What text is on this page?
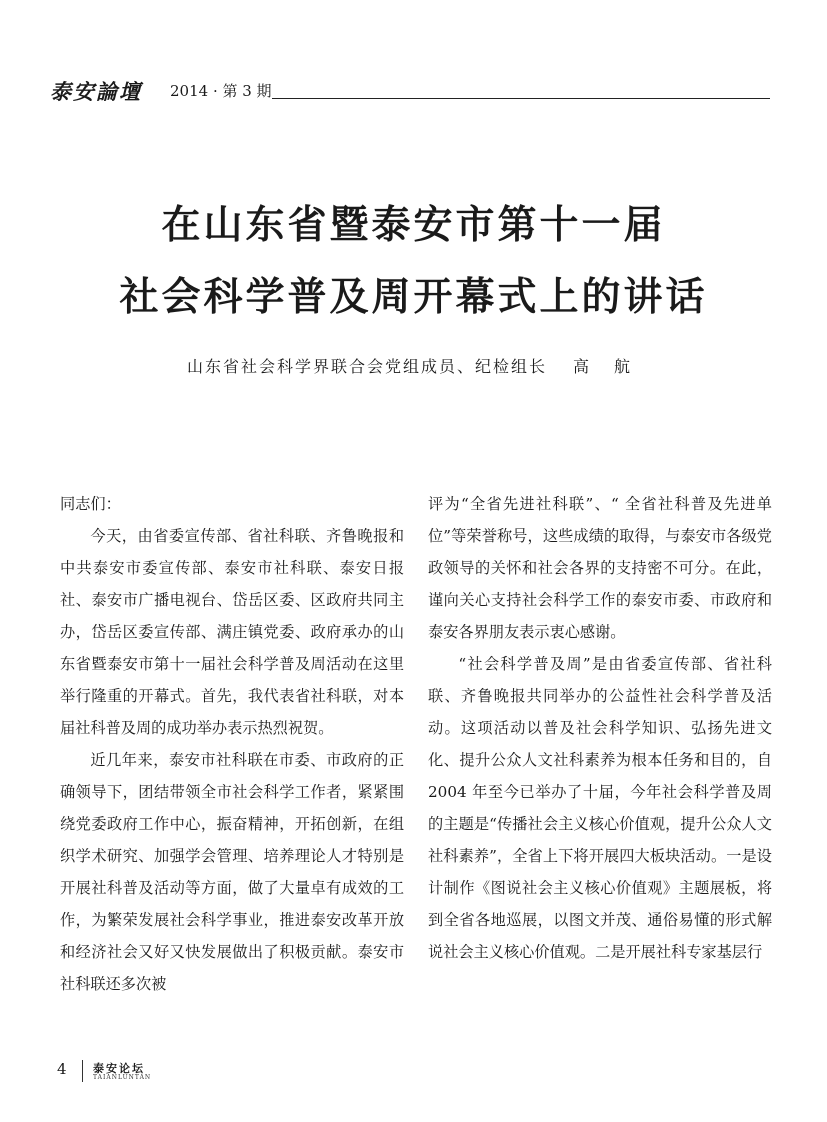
泰安論壇 2014 · 第 3 期
在山东省暨泰安市第十一届
社会科学普及周开幕式上的讲话
山东省社会科学界联合会党组成员、纪检组长 高 航

同志们：

今天，由省委宣传部、省社科联、齐鲁晚报和中共泰安市委宣传部、泰安市社科联、泰安日报社、泰安市广播电视台、岱岳区委、区政府共同主办，岱岳区委宣传部、满庄镇党委、政府承办的山东省暨泰安市第十一届社会科学普及周活动在这里举行隆重的开幕式。首先，我代表省社科联，对本届社科普及周的成功举办表示热烈祝贺。

近几年来，泰安市社科联在市委、市政府的正确领导下，团结带领全市社会科学工作者，紧紧围绕党委政府工作中心，振奋精神，开拓创新，在组织学术研究、加强学会管理、培养理论人才特别是开展社科普及活动等方面，做了大量卓有成效的工作，为繁荣发展社会科学事业，推进泰安改革开放和经济社会又好又快发展做出了积极贡献。泰安市社科联还多次被

评为“全省先进社科联”、“ 全省社科普及先进单位”等荣誉称号，这些成绩的取得，与泰安市各级党政领导的关怀和社会各界的支持密不可分。在此，谨向关心支持社会科学工作的泰安市委、市政府和泰安各界朋友表示衷心感谢。

“社会科学普及周”是由省委宣传部、省社科联、齐鲁晚报共同举办的公益性社会科学普及活动。这项活动以普及社会科学知识、弘扬先进文化、提升公众人文社科素养为根本任务和目的，自 2004 年至今已举办了十届，今年社会科学普及周的主题是“传播社会主义核心价值观，提升公众人文社科素养”，全省上下将开展四大板块活动。一是设计制作《图说社会主义核心价值观》主题展板，将到全省各地巡展，以图文并茂、通俗易懂的形式解说社会主义核心价值观。二是开展社科专家基层行

4 泰安论坛
TAIANLUNTAN
